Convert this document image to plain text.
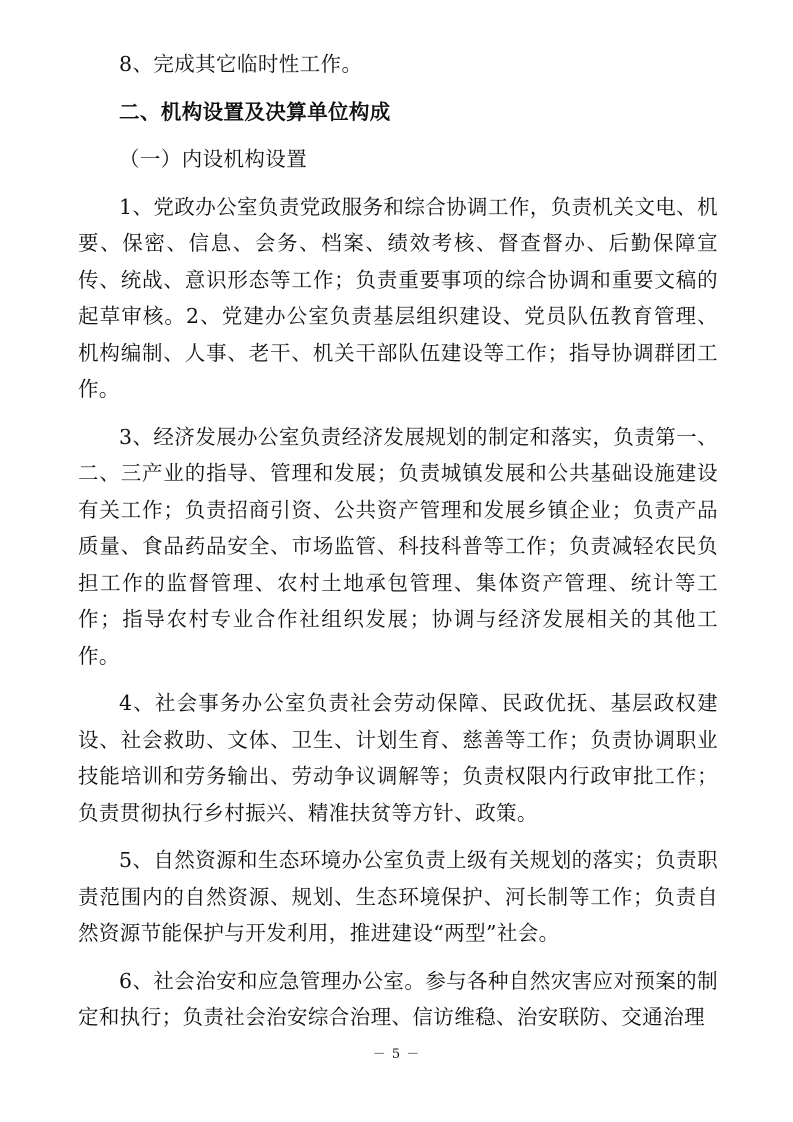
8、完成其它临时性工作。

二、机构设置及决算单位构成

（一）内设机构设置

1、党政办公室负责党政服务和综合协调工作，负责机关文电、机要、保密、信息、会务、档案、绩效考核、督查督办、后勤保障宣传、统战、意识形态等工作；负责重要事项的综合协调和重要文稿的起草审核。2、党建办公室负责基层组织建设、党员队伍教育管理、机构编制、人事、老干、机关干部队伍建设等工作；指导协调群团工作。

3、经济发展办公室负责经济发展规划的制定和落实，负责第一、二、三产业的指导、管理和发展；负责城镇发展和公共基础设施建设有关工作；负责招商引资、公共资产管理和发展乡镇企业；负责产品质量、食品药品安全、市场监管、科技科普等工作；负责减轻农民负担工作的监督管理、农村土地承包管理、集体资产管理、统计等工作；指导农村专业合作社组织发展；协调与经济发展相关的其他工作。

4、社会事务办公室负责社会劳动保障、民政优抚、基层政权建设、社会救助、文体、卫生、计划生育、慈善等工作；负责协调职业技能培训和劳务输出、劳动争议调解等；负责权限内行政审批工作；负责贯彻执行乡村振兴、精准扶贫等方针、政策。

5、自然资源和生态环境办公室负责上级有关规划的落实；负责职责范围内的自然资源、规划、生态环境保护、河长制等工作；负责自然资源节能保护与开发利用，推进建设“两型”社会。

6、社会治安和应急管理办公室。参与各种自然灾害应对预案的制定和执行；负责社会治安综合治理、信访维稳、治安联防、交通治理

－ 5 －
